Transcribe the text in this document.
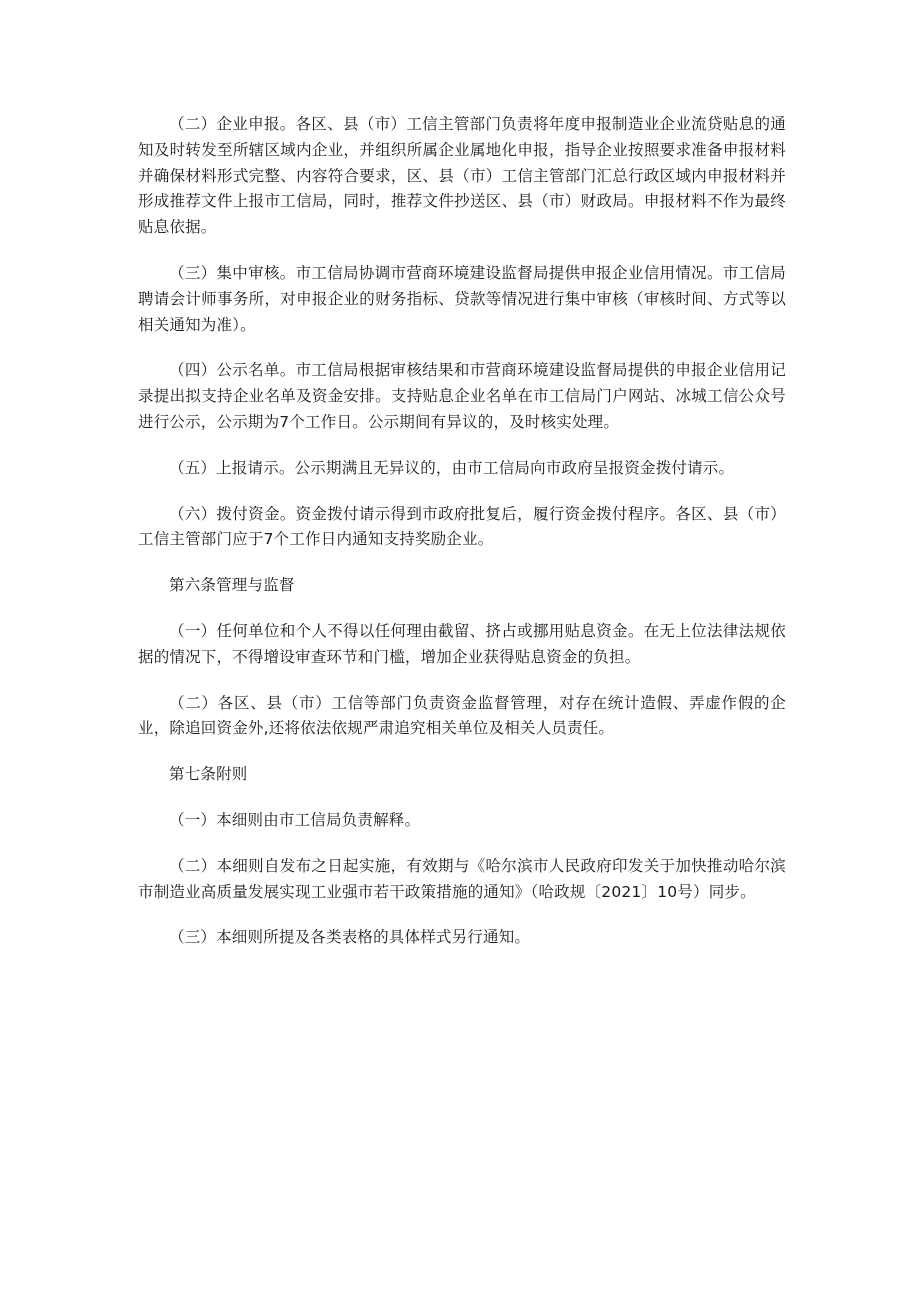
（二）企业申报。各区、县（市）工信主管部门负责将年度申报制造业企业流贷贴息的通知及时转发至所辖区域内企业，并组织所属企业属地化申报，指导企业按照要求准备申报材料并确保材料形式完整、内容符合要求，区、县（市）工信主管部门汇总行政区域内申报材料并形成推荐文件上报市工信局，同时，推荐文件抄送区、县（市）财政局。申报材料不作为最终贴息依据。

（三）集中审核。市工信局协调市营商环境建设监督局提供申报企业信用情况。市工信局聘请会计师事务所，对申报企业的财务指标、贷款等情况进行集中审核（审核时间、方式等以相关通知为准）。

（四）公示名单。市工信局根据审核结果和市营商环境建设监督局提供的申报企业信用记录提出拟支持企业名单及资金安排。支持贴息企业名单在市工信局门户网站、冰城工信公众号进行公示，公示期为7个工作日。公示期间有异议的，及时核实处理。

（五）上报请示。公示期满且无异议的，由市工信局向市政府呈报资金拨付请示。

（六）拨付资金。资金拨付请示得到市政府批复后，履行资金拨付程序。各区、县（市）工信主管部门应于7个工作日内通知支持奖励企业。

第六条管理与监督

（一）任何单位和个人不得以任何理由截留、挤占或挪用贴息资金。在无上位法律法规依据的情况下，不得增设审查环节和门槛，增加企业获得贴息资金的负担。

（二）各区、县（市）工信等部门负责资金监督管理，对存在统计造假、弄虚作假的企业，除追回资金外,还将依法依规严肃追究相关单位及相关人员责任。

第七条附则

（一）本细则由市工信局负责解释。

（二）本细则自发布之日起实施，有效期与《哈尔滨市人民政府印发关于加快推动哈尔滨市制造业高质量发展实现工业强市若干政策措施的通知》（哈政规〔2021〕10号）同步。

（三）本细则所提及各类表格的具体样式另行通知。
